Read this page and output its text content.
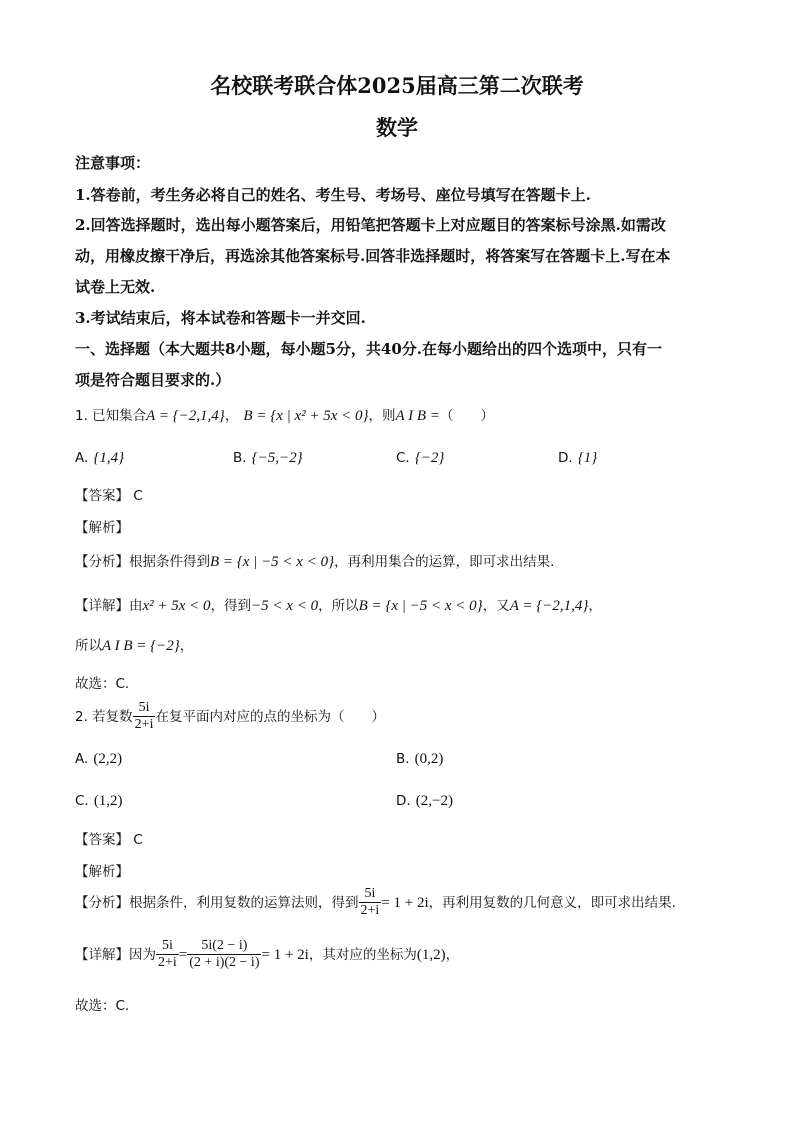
名校联考联合体2025届高三第二次联考
数学
注意事项：
1.答卷前，考生务必将自己的姓名、考生号、考场号、座位号填写在答题卡上.
2.回答选择题时，选出每小题答案后，用铅笔把答题卡上对应题目的答案标号涂黑.如需改
动，用橡皮擦干净后，再选涂其他答案标号.回答非选择题时，将答案写在答题卡上.写在本
试卷上无效.
3.考试结束后，将本试卷和答题卡一并交回.
一、选择题（本大题共8小题，每小题5分，共40分.在每小题给出的四个选项中，只有一
项是符合题目要求的.）
1. 已知集合A = {−2,1,4}， B = {x | x² + 5x < 0}，则A I B =（　　）
A. {1,4}	B. {−5,−2}	C. {−2}	D. {1}
【答案】 C
【解析】
【分析】根据条件得到B = {x | −5 < x < 0}，再利用集合的运算，即可求出结果.
【详解】由x² + 5x < 0，得到−5 < x < 0，所以B = {x | −5 < x < 0}，又A = {−2,1,4}，
所以A I B = {−2}，
故选：C.
2. 若复数 $\frac{5i}{2+i}$ 在复平面内对应的点的坐标为（　　）
A. (2,2)	B. (0,2)
C. (1,2)	D. (2,−2)
【答案】 C
【解析】
【分析】根据条件，利用复数的运算法则，得到 $\frac{5i}{2+i} = 1 + 2i$，再利用复数的几何意义，即可求出结果.
【详解】因为 $\frac{5i}{2+i} = \frac{5i(2 - i)}{(2 + i)(2 - i)} = 1 + 2i$，其对应的坐标为(1,2)，
故选：C.
